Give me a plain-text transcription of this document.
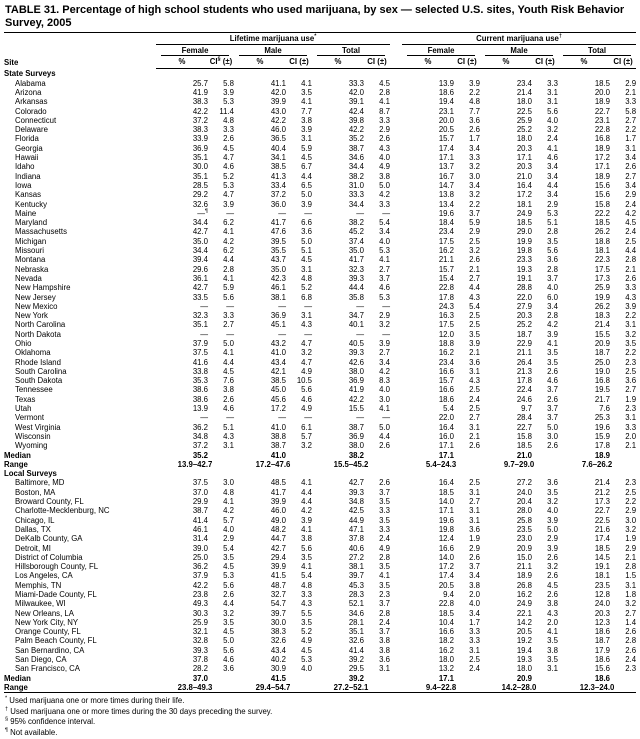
TABLE 31. Percentage of high school students who used marijuana, by sex — selected U.S. sites, Youth Risk Behavior Survey, 2005
Site	Lifetime marijuana use*							Current marijuana use†

	Female		Male		Total			Female		Male		Total	

	%	CI§ (±)	%	CI (±)	%	CI (±)		%	CI (±)	%	CI (±)	%	CI (±)
State Surveys													
Alabama	25.7	5.8	41.1	4.1	33.3	4.5		13.9	3.9	23.4	3.3	18.5	2.9
Arizona	41.9	3.9	42.0	3.5	42.0	2.8		18.6	2.2	21.4	3.1	20.0	2.1
Arkansas	38.3	5.3	39.9	4.1	39.1	4.1		19.4	4.8	18.0	3.1	18.9	3.3
Colorado	42.2	11.4	43.0	7.7	42.4	8.7		23.1	7.7	22.5	5.6	22.7	5.8
Connecticut	37.2	4.8	42.2	3.8	39.8	3.3		20.0	3.6	25.9	4.0	23.1	2.7
Delaware	38.3	3.3	46.0	3.9	42.2	2.9		20.5	2.6	25.2	3.2	22.8	2.2
Florida	33.9	2.6	36.5	3.1	35.2	2.6		15.7	1.7	18.0	2.4	16.8	1.7
Georgia	36.9	4.5	40.4	5.9	38.7	4.3		17.4	3.4	20.3	4.1	18.9	3.1
Hawaii	35.1	4.7	34.1	4.5	34.6	4.0		17.1	3.3	17.1	4.6	17.2	3.4
Idaho	30.0	4.6	38.5	6.7	34.4	4.9		13.7	3.2	20.3	3.4	17.1	2.6
Indiana	35.1	5.2	41.3	4.4	38.2	3.8		16.7	3.0	21.0	3.4	18.9	2.7
Iowa	28.5	5.3	33.4	6.5	31.0	5.0		14.7	3.4	16.4	4.4	15.6	3.4
Kansas	29.2	4.7	37.2	5.0	33.3	4.2		13.8	3.2	17.2	3.4	15.6	2.9
Kentucky	32.6	3.9	36.0	3.9	34.4	3.3		13.4	2.2	18.1	2.9	15.8	2.4
Maine	—¶	—	—	—	—	—		19.6	3.7	24.9	5.3	22.2	4.2
Maryland	34.4	6.2	41.7	6.6	38.2	5.4		18.4	5.9	18.5	5.1	18.5	4.5
Massachusetts	42.7	4.1	47.6	3.6	45.2	3.4		23.4	2.9	29.0	2.8	26.2	2.4
Michigan	35.0	4.2	39.5	5.0	37.4	4.0		17.5	2.5	19.9	3.5	18.8	2.5
Missouri	34.4	6.2	35.5	5.1	35.0	5.3		16.2	3.2	19.8	5.6	18.1	4.4
Montana	39.4	4.4	43.7	4.5	41.7	4.1		21.1	2.6	23.3	3.6	22.3	2.8
Nebraska	29.6	2.8	35.0	3.1	32.3	2.7		15.7	2.1	19.3	2.8	17.5	2.1
Nevada	36.1	4.1	42.3	4.8	39.3	3.7		15.4	2.7	19.1	3.7	17.3	2.6
New Hampshire	42.7	5.9	46.1	5.2	44.4	4.6		22.8	4.4	28.8	4.0	25.9	3.3
New Jersey	33.5	5.6	38.1	6.8	35.8	5.3		17.8	4.3	22.0	6.0	19.9	4.3
New Mexico	—	—	—	—	—	—		24.3	5.4	27.9	3.4	26.2	3.9
New York	32.3	3.3	36.9	3.1	34.7	2.9		16.3	2.5	20.3	2.8	18.3	2.2
North Carolina	35.1	2.7	45.1	4.3	40.1	3.2		17.5	2.5	25.2	4.2	21.4	3.1
North Dakota	—	—	—	—	—	—		12.0	3.5	18.7	3.9	15.5	3.2
Ohio	37.9	5.0	43.2	4.7	40.5	3.9		18.8	3.9	22.9	4.1	20.9	3.5
Oklahoma	37.5	4.1	41.0	3.2	39.3	2.7		16.2	2.1	21.1	3.5	18.7	2.2
Rhode Island	41.6	4.4	43.4	4.7	42.6	3.4		23.4	3.6	26.4	3.5	25.0	2.3
South Carolina	33.8	4.5	42.1	4.9	38.0	4.2		16.6	3.1	21.3	2.6	19.0	2.5
South Dakota	35.3	7.6	38.5	10.5	36.9	8.3		15.7	4.3	17.8	4.6	16.8	3.6
Tennessee	38.6	3.8	45.0	5.6	41.9	4.0		16.6	2.5	22.4	3.7	19.5	2.7
Texas	38.6	2.6	45.6	4.6	42.2	3.0		18.6	2.4	24.6	2.6	21.7	1.9
Utah	13.9	4.6	17.2	4.9	15.5	4.1		5.4	2.5	9.7	3.7	7.6	2.3
Vermont	—	—	—	—	—	—		22.0	2.7	28.4	3.7	25.3	3.1
West Virginia	36.2	5.1	41.0	6.1	38.7	5.0		16.4	3.1	22.7	5.0	19.6	3.3
Wisconsin	34.8	4.3	38.8	5.7	36.9	4.4		16.0	2.1	15.8	3.0	15.9	2.0
Wyoming	37.2	3.1	38.7	3.2	38.0	2.6		17.1	2.6	18.5	2.6	17.8	2.1
Median	35.2		41.0		38.2			17.1		21.0		18.9	
Range	13.9–42.7		17.2–47.6		15.5–45.2			5.4–24.3		9.7–29.0		7.6–26.2	
Local Surveys													
Baltimore, MD	37.5	3.0	48.5	4.1	42.7	2.6		16.4	2.5	27.2	3.6	21.4	2.3
Boston, MA	37.0	4.8	41.7	4.4	39.3	3.7		18.5	3.1	24.0	3.5	21.2	2.5
Broward County, FL	29.9	4.1	39.9	4.4	34.8	3.5		14.0	2.7	20.4	3.2	17.3	2.2
Charlotte-Mecklenburg, NC	38.7	4.2	46.0	4.2	42.5	3.3		17.1	3.1	28.0	4.0	22.7	2.9
Chicago, IL	41.4	5.7	49.0	3.9	44.9	3.5		19.6	3.1	25.8	3.9	22.5	3.0
Dallas, TX	46.1	4.0	48.2	4.1	47.1	3.3		19.8	3.6	23.5	5.0	21.6	3.2
DeKalb County, GA	31.4	2.9	44.7	3.8	37.8	2.4		12.4	1.9	23.0	2.9	17.4	1.9
Detroit, MI	39.0	5.4	42.7	5.6	40.6	4.9		16.6	2.9	20.9	3.9	18.5	2.9
District of Columbia	25.0	3.5	29.4	3.5	27.2	2.8		14.0	2.6	15.0	2.6	14.5	2.1
Hillsborough County, FL	36.2	4.5	39.9	4.1	38.1	3.5		17.2	3.7	21.1	3.2	19.1	2.8
Los Angeles, CA	37.9	5.3	41.5	5.4	39.7	4.1		17.4	3.4	18.9	2.6	18.1	1.5
Memphis, TN	42.2	5.6	48.7	4.8	45.3	3.5		20.5	3.8	26.8	4.5	23.5	3.1
Miami-Dade County, FL	23.8	2.6	32.7	3.3	28.3	2.3		9.4	2.0	16.2	2.6	12.8	1.8
Milwaukee, WI	49.3	4.4	54.7	4.3	52.1	3.7		22.8	4.0	24.9	3.8	24.0	3.2
New Orleans, LA	30.3	3.2	39.7	5.5	34.6	2.8		18.5	3.4	22.1	4.3	20.3	2.7
New York City, NY	25.9	3.5	30.0	3.5	28.1	2.4		10.4	1.7	14.2	2.0	12.3	1.4
Orange County, FL	32.1	4.5	38.3	5.2	35.1	3.7		16.6	3.3	20.5	4.1	18.6	2.6
Palm Beach County, FL	32.8	5.0	32.6	4.9	32.6	3.8		18.2	3.3	19.2	3.5	18.7	2.8
San Bernardino, CA	39.3	5.6	43.4	4.5	41.4	3.8		16.2	3.1	19.4	3.8	17.9	2.6
San Diego, CA	37.8	4.6	40.2	5.3	39.2	3.6		18.0	2.5	19.3	3.5	18.6	2.4
San Francisco, CA	28.2	3.6	30.9	4.0	29.5	3.1		13.2	2.4	18.0	3.1	15.6	2.3
Median	37.0		41.5		39.2			17.1		20.9		18.6	
Range	23.8–49.3		29.4–54.7		27.2–52.1			9.4–22.8		14.2–28.0		12.3–24.0	
* Used marijuana one or more times during their life.
† Used marijuana one or more times during the 30 days preceding the survey.
§ 95% confidence interval.
¶ Not available.
